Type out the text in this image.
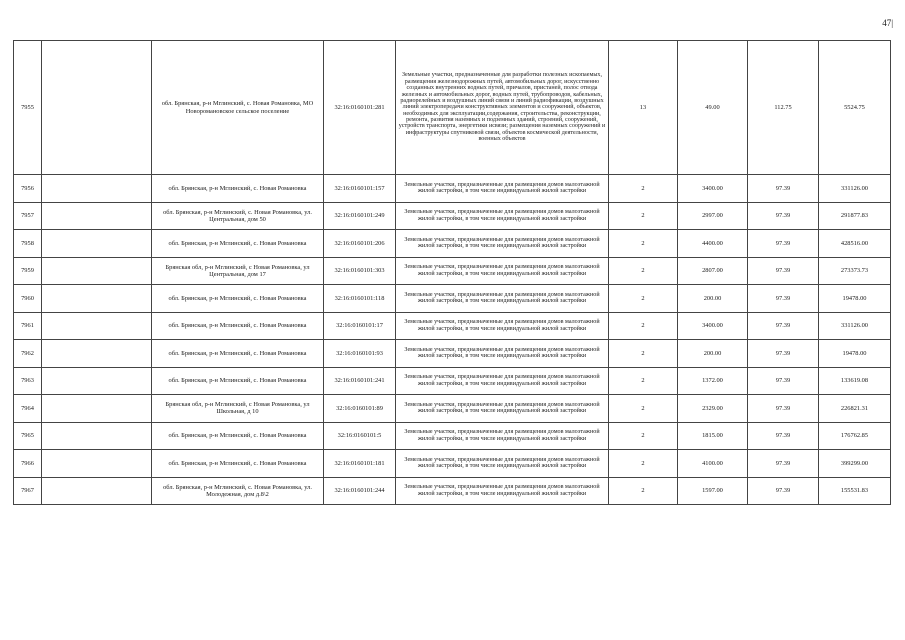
47|
7955		обл. Брянская, р-н Мглинский, с. Новая Романовка, МО Новоромановское сельское поселение	32:16:0160101:281	Земельные участки, предназначенные для разработки полезных ископаемых, размещения железнодорожных путей, автомобильных дорог, искусственно созданных внутренних водных путей, причалов, пристаней, полос отвода железных и автомобильных дорог, водных путей, трубопроводов, кабельных, радиорелейных и воздушных линий связи и линий радиофикации, воздушных линий электропередачи конструктивных элементов и сооружений, объектов, необходимых для эксплуатации,содержания, строительства, реконструкции, ремонта, развития наземных и подземных зданий, строений, сооружений, устройств транспорта, энергетики исвязи; размещения наземных сооружений и инфраструктуры спутниковой связи, объектов космической деятельности, военных объектов	13	49.00	112.75	5524.75
7956		обл. Брянская, р-н Мглинский, с. Новая Романовка	32:16:0160101:157	Земельные участки, предназначенные для размещения домов малоэтажной жилой застройки, в том числе индивидуальной жилой застройки	2	3400.00	97.39	331126.00
7957		обл. Брянская, р-н Мглинский, с. Новая Романовка, ул. Центральная, дом 50	32:16:0160101:249	Земельные участки, предназначенные для размещения домов малоэтажной жилой застройки, в том числе индивидуальной жилой застройки	2	2997.00	97.39	291877.83
7958		обл. Брянская, р-н Мглинский, с. Новая Романовка	32:16:0160101:206	Земельные участки, предназначенные для размещения домов малоэтажной жилой застройки, в том числе индивидуальной жилой застройки	2	4400.00	97.39	428516.00
7959		Брянская обл, р-н Мглинский, с Новая Романовка, ул Центральная, дом 17	32:16:0160101:303	Земельные участки, предназначенные для размещения домов малоэтажной жилой застройки, в том числе индивидуальной жилой застройки	2	2807.00	97.39	273373.73
7960		обл. Брянская, р-н Мглинский, с. Новая Романовка	32:16:0160101:118	Земельные участки, предназначенные для размещения домов малоэтажной жилой застройки, в том числе индивидуальной жилой застройки	2	200.00	97.39	19478.00
7961		обл. Брянская, р-н Мглинский, с. Новая Романовка	32:16:0160101:17	Земельные участки, предназначенные для размещения домов малоэтажной жилой застройки, в том числе индивидуальной жилой застройки	2	3400.00	97.39	331126.00
7962		обл. Брянская, р-н Мглинский, с. Новая Романовка	32:16:0160101:93	Земельные участки, предназначенные для размещения домов малоэтажной жилой застройки, в том числе индивидуальной жилой застройки	2	200.00	97.39	19478.00
7963		обл. Брянская, р-н Мглинский, с. Новая Романовка	32:16:0160101:241	Земельные участки, предназначенные для размещения домов малоэтажной жилой застройки, в том числе индивидуальной жилой застройки	2	1372.00	97.39	133619.08
7964		Брянская обл, р-н Мглинский, с Новая Романовка, ул Школьная, д 10	32:16:0160101:89	Земельные участки, предназначенные для размещения домов малоэтажной жилой застройки, в том числе индивидуальной жилой застройки	2	2329.00	97.39	226821.31
7965		обл. Брянская, р-н Мглинский, с. Новая Романовка	32:16:0160101:5	Земельные участки, предназначенные для размещения домов малоэтажной жилой застройки, в том числе индивидуальной жилой застройки	2	1815.00	97.39	176762.85
7966		обл. Брянская, р-н Мглинский, с. Новая Романовка	32:16:0160101:181	Земельные участки, предназначенные для размещения домов малоэтажной жилой застройки, в том числе индивидуальной жилой застройки	2	4100.00	97.39	399299.00
7967		обл. Брянская, р-н Мглинский, с. Новая Романовка, ул. Молодежная, дом д.8\2	32:16:0160101:244	Земельные участки, предназначенные для размещения домов малоэтажной жилой застройки, в том числе индивидуальной жилой застройки	2	1597.00	97.39	155531.83
